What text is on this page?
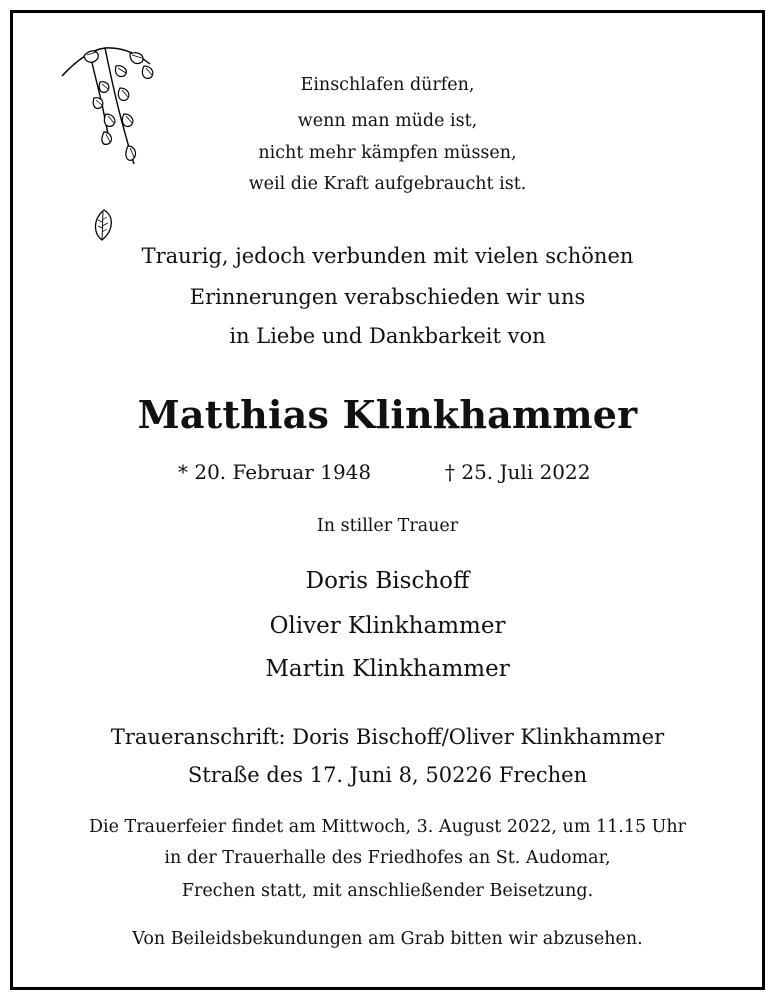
Einschlafen dürfen,
wenn man müde ist,
nicht mehr kämpfen müssen,
weil die Kraft aufgebraucht ist.
Traurig, jedoch verbunden mit vielen schönen
Erinnerungen verabschieden wir uns
in Liebe und Dankbarkeit von
Matthias Klinkhammer
* 20. Februar 1948	† 25. Juli 2022
In stiller Trauer
Doris Bischoff
Oliver Klinkhammer
Martin Klinkhammer
Traueranschrift: Doris Bischoff/Oliver Klinkhammer
Straße des 17. Juni 8, 50226 Frechen
Die Trauerfeier findet am Mittwoch, 3. August 2022, um 11.15 Uhr
in der Trauerhalle des Friedhofes an St. Audomar,
Frechen statt, mit anschließender Beisetzung.
Von Beileidsbekundungen am Grab bitten wir abzusehen.
